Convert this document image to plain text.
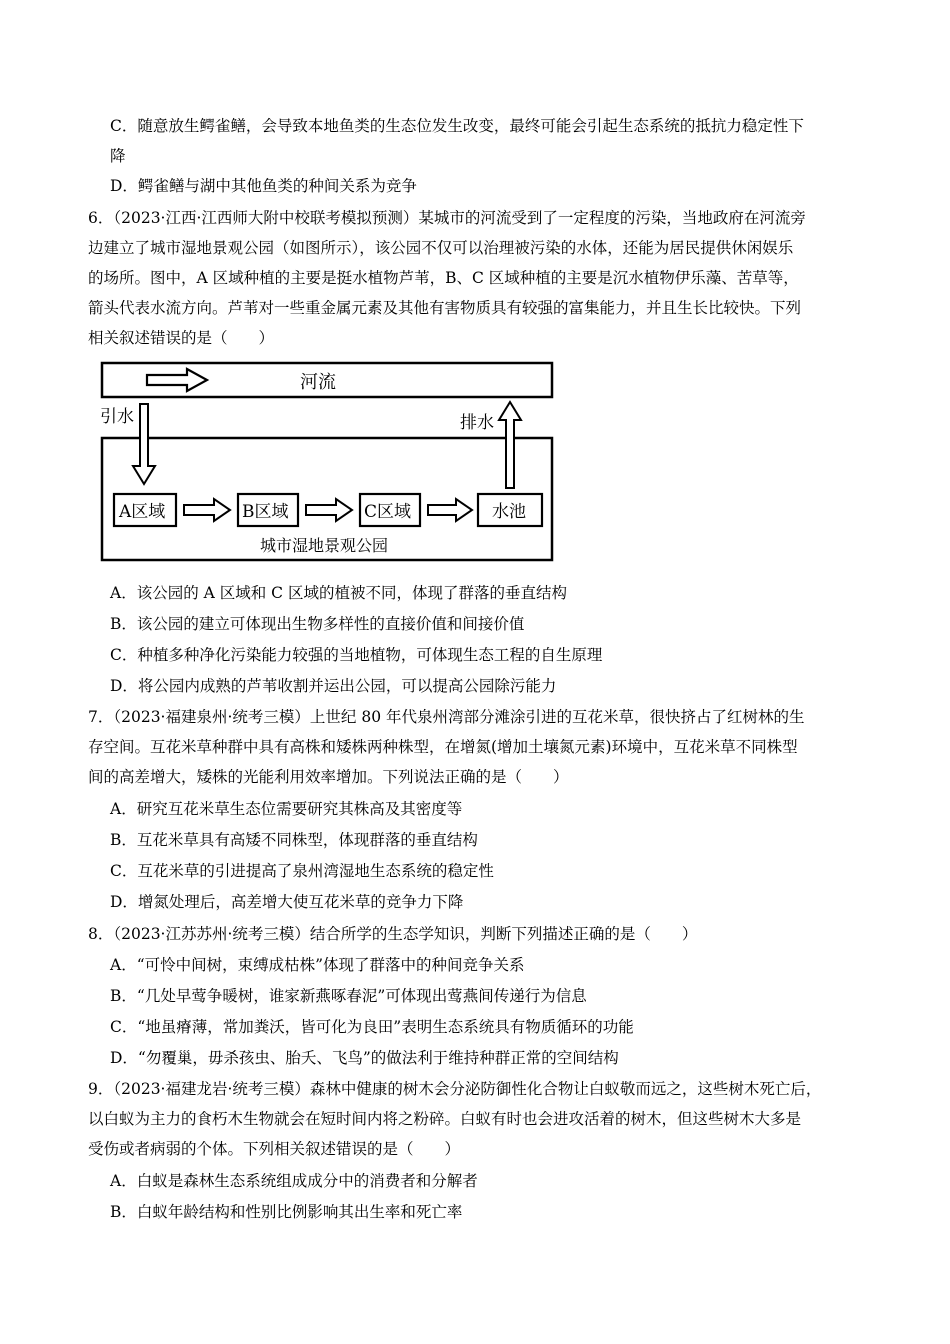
C．随意放生鳄雀鳝，会导致本地鱼类的生态位发生改变，最终可能会引起生态系统的抵抗力稳定性下
降
D．鳄雀鳝与湖中其他鱼类的种间关系为竞争
6．（2023·江西·江西师大附中校联考模拟预测）某城市的河流受到了一定程度的污染，当地政府在河流旁
边建立了城市湿地景观公园（如图所示），该公园不仅可以治理被污染的水体，还能为居民提供休闲娱乐
的场所。图中，A 区域种植的主要是挺水植物芦苇，B、C 区域种植的主要是沉水植物伊乐藻、苦草等，
箭头代表水流方向。芦苇对一些重金属元素及其他有害物质具有较强的富集能力，并且生长比较快。下列
相关叙述错误的是（　　）
河流
引水	排水
A区域	B区域	C区域	水池
城市湿地景观公园
A．该公园的 A 区域和 C 区域的植被不同，体现了群落的垂直结构
B．该公园的建立可体现出生物多样性的直接价值和间接价值
C．种植多种净化污染能力较强的当地植物，可体现生态工程的自生原理
D．将公园内成熟的芦苇收割并运出公园，可以提高公园除污能力
7．（2023·福建泉州·统考三模）上世纪 80 年代泉州湾部分滩涂引进的互花米草，很快挤占了红树林的生
存空间。互花米草种群中具有高株和矮株两种株型，在增氮(增加土壤氮元素)环境中，互花米草不同株型
间的高差增大，矮株的光能利用效率增加。下列说法正确的是（　　）
A．研究互花米草生态位需要研究其株高及其密度等
B．互花米草具有高矮不同株型，体现群落的垂直结构
C．互花米草的引进提高了泉州湾湿地生态系统的稳定性
D．增氮处理后，高差增大使互花米草的竞争力下降
8．（2023·江苏苏州·统考三模）结合所学的生态学知识，判断下列描述正确的是（　　）
A．“可怜中间树，束缚成枯株”体现了群落中的种间竞争关系
B．“几处早莺争暖树，谁家新燕啄春泥”可体现出莺燕间传递行为信息
C．“地虽瘠薄，常加粪沃，皆可化为良田”表明生态系统具有物质循环的功能
D．“勿覆巢，毋杀孩虫、胎夭、飞鸟”的做法利于维持种群正常的空间结构
9．（2023·福建龙岩·统考三模）森林中健康的树木会分泌防御性化合物让白蚁敬而远之，这些树木死亡后，
以白蚁为主力的食朽木生物就会在短时间内将之粉碎。白蚁有时也会进攻活着的树木，但这些树木大多是
受伤或者病弱的个体。下列相关叙述错误的是（　　）
A．白蚁是森林生态系统组成成分中的消费者和分解者
B．白蚁年龄结构和性别比例影响其出生率和死亡率
